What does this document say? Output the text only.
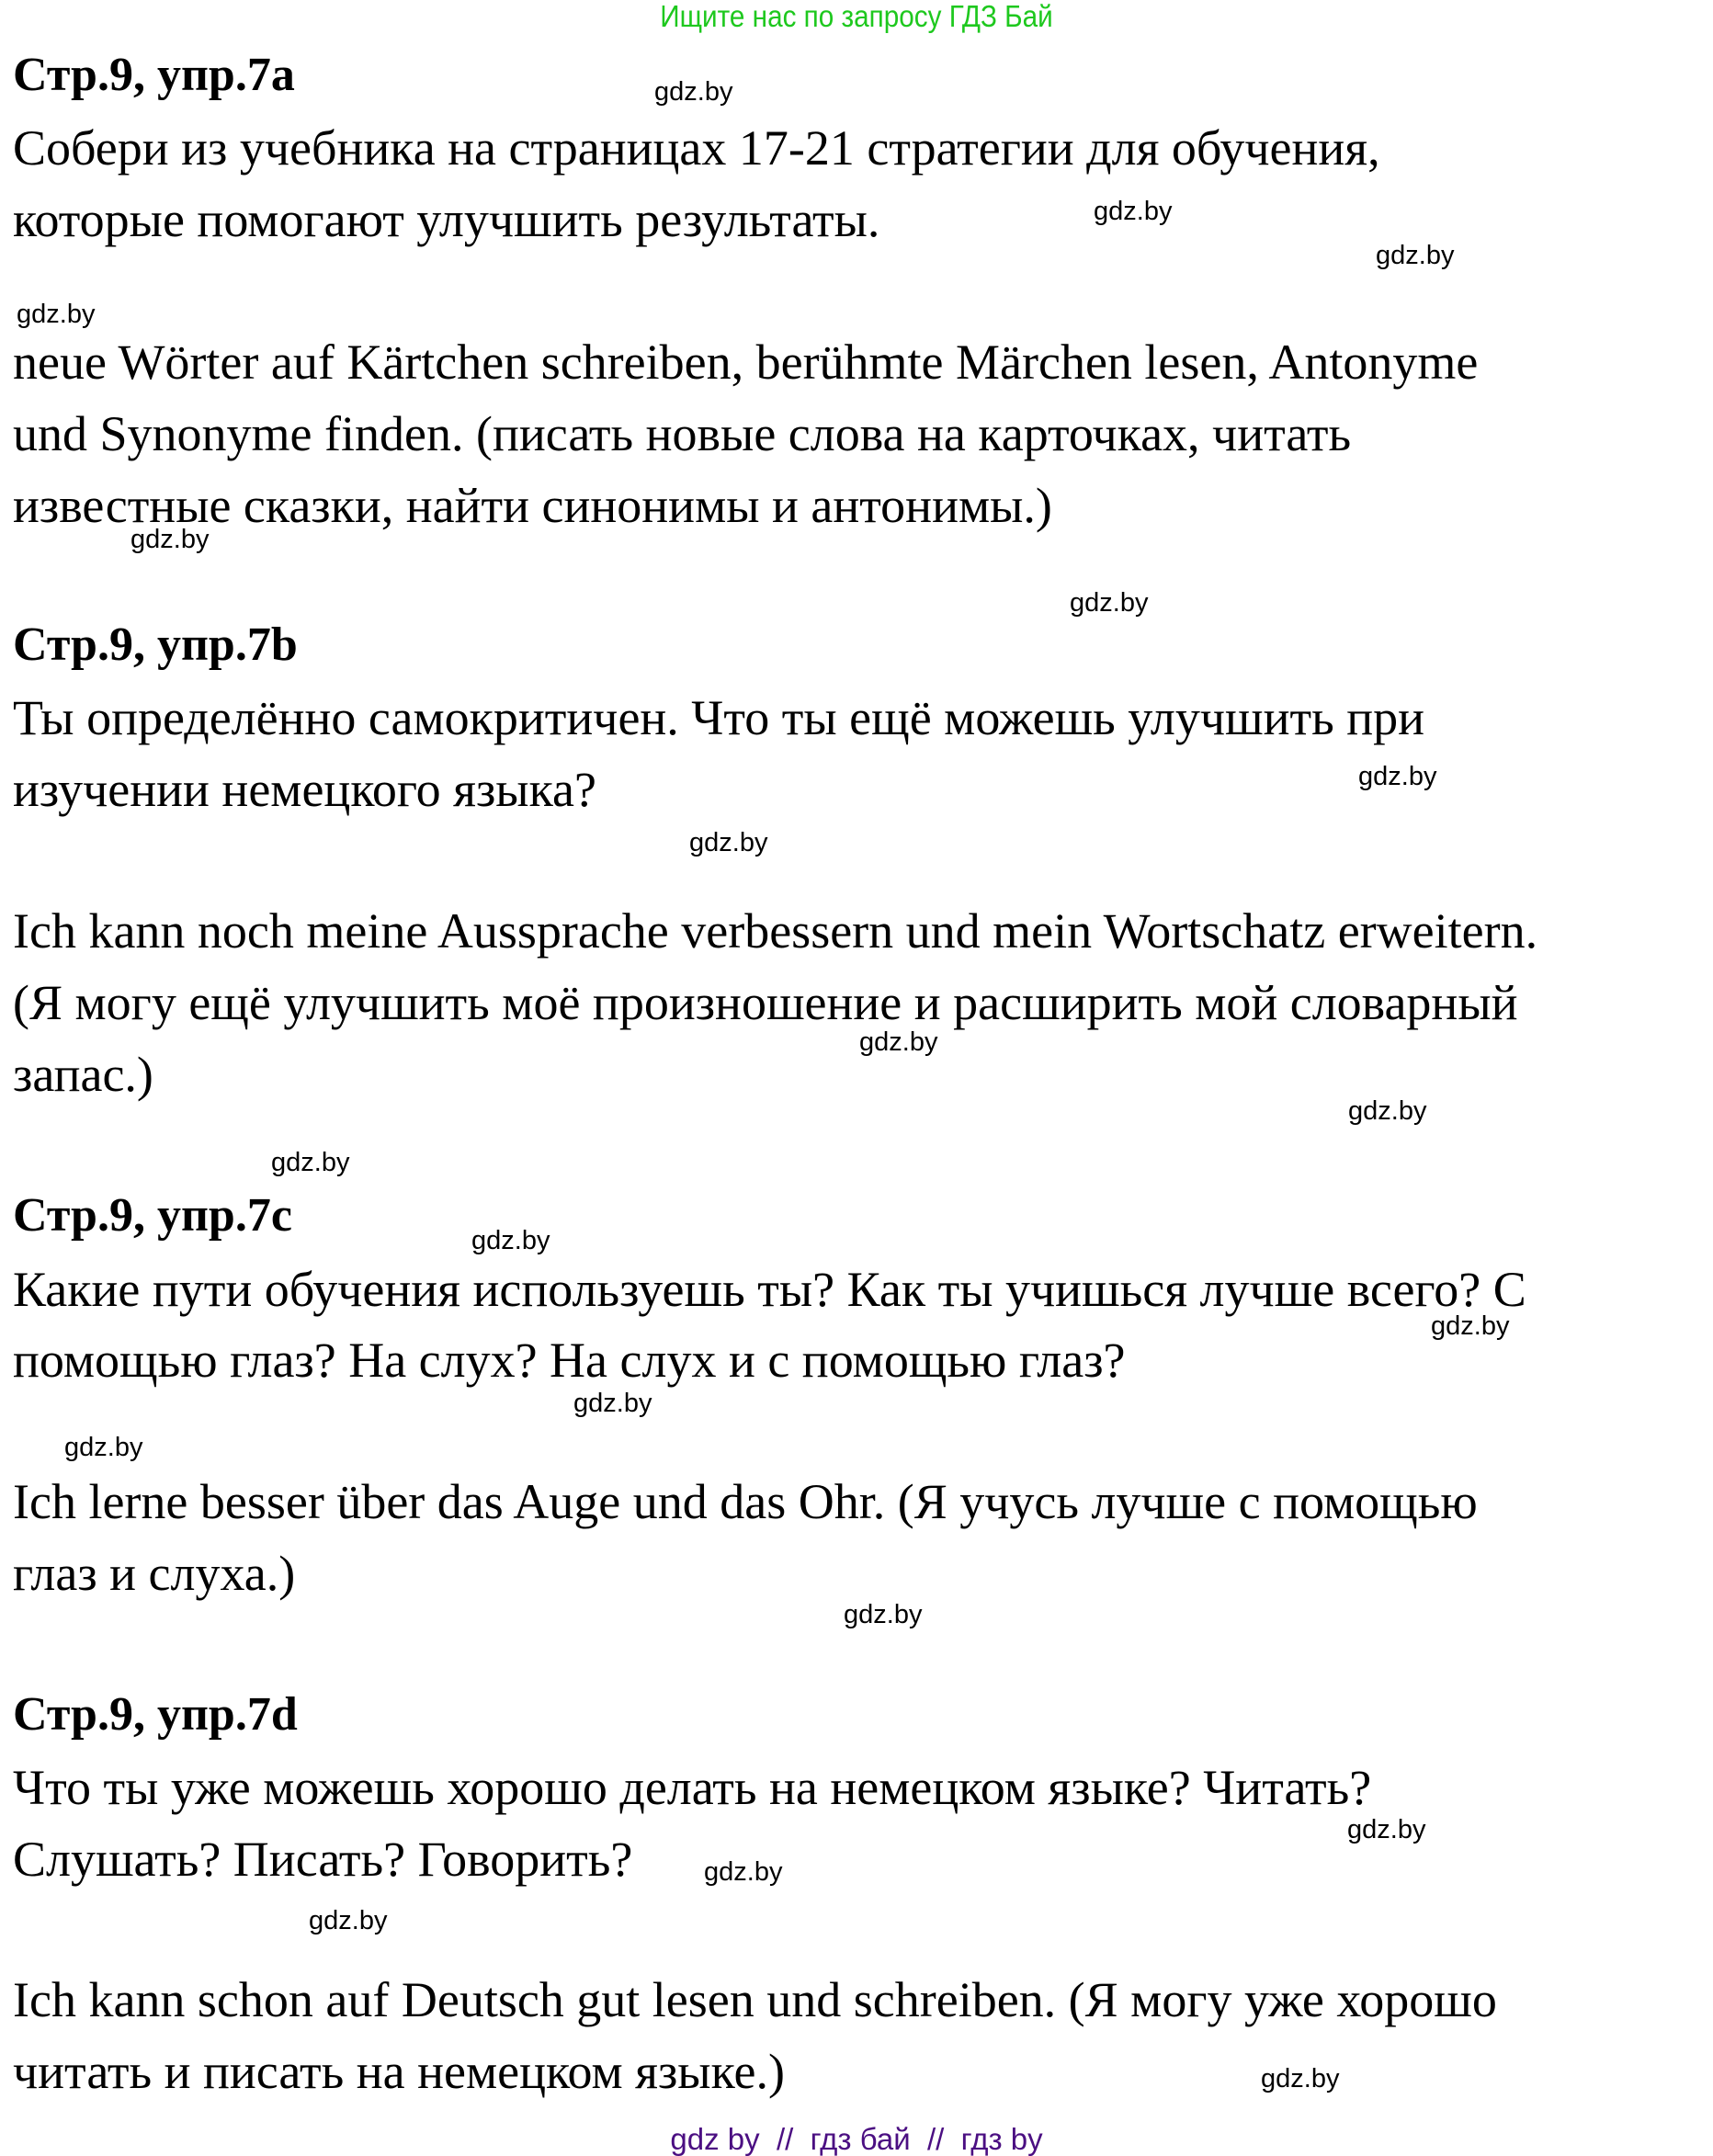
Ищите нас по запросу ГДЗ Бай
Стр.9, упр.7a
Собери из учебника на страницах 17-21 стратегии для обучения,
которые помогают улучшить результаты.
neue Wörter auf Kärtchen schreiben, berühmte Märchen lesen, Antonyme
und Synonyme finden. (писать новые слова на карточках, читать
известные сказки, найти синонимы и антонимы.)
Стр.9, упр.7b
Ты определённо самокритичен. Что ты ещё можешь улучшить при
изучении немецкого языка?
Ich kann noch meine Aussprache verbessern und mein Wortschatz erweitern.
(Я могу ещё улучшить моё произношение и расширить мой словарный
запас.)
Стр.9, упр.7c
Какие пути обучения используешь ты? Как ты учишься лучше всего? С
помощью глаз? На слух? На слух и с помощью глаз?
Ich lerne besser über das Auge und das Ohr. (Я учусь лучше с помощью
глаз и слуха.)
Стр.9, упр.7d
Что ты уже можешь хорошо делать на немецком языке? Читать?
Слушать? Писать? Говорить?
Ich kann schon auf Deutsch gut lesen und schreiben. (Я могу уже хорошо
читать и писать на немецком языке.)
gdz.by
gdz.by
gdz.by
gdz.by
gdz.by
gdz.by
gdz.by
gdz.by
gdz.by
gdz.by
gdz.by
gdz.by
gdz.by
gdz.by
gdz.by
gdz.by
gdz.by
gdz.by
gdz.by
gdz.by
gdz by  //  гдз бай  //  гдз by
